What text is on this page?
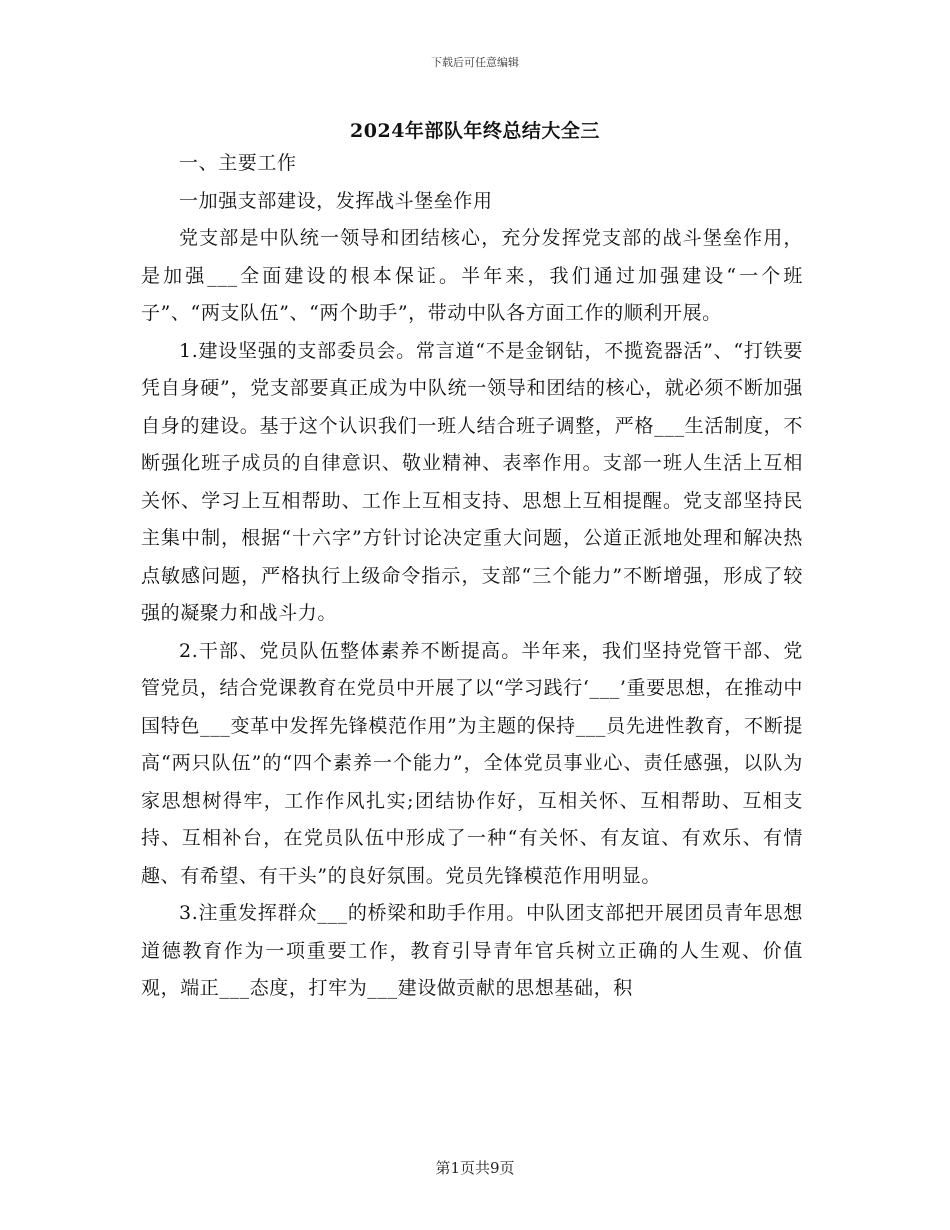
下载后可任意编辑
2024年部队年终总结大全三

一、主要工作

一加强支部建设，发挥战斗堡垒作用

党支部是中队统一领导和团结核心，充分发挥党支部的战斗堡垒作用，是加强___全面建设的根本保证。半年来，我们通过加强建设“一个班子”、“两支队伍”、“两个助手”，带动中队各方面工作的顺利开展。

1.建设坚强的支部委员会。常言道“不是金钢钻，不揽瓷器活”、“打铁要凭自身硬”，党支部要真正成为中队统一领导和团结的核心，就必须不断加强自身的建设。基于这个认识我们一班人结合班子调整，严格___生活制度，不断强化班子成员的自律意识、敬业精神、表率作用。支部一班人生活上互相关怀、学习上互相帮助、工作上互相支持、思想上互相提醒。党支部坚持民主集中制，根据“十六字”方针讨论决定重大问题，公道正派地处理和解决热点敏感问题，严格执行上级命令指示，支部“三个能力”不断增强，形成了较强的凝聚力和战斗力。

2.干部、党员队伍整体素养不断提高。半年来，我们坚持党管干部、党管党员，结合党课教育在党员中开展了以“学习践行‘___’重要思想，在推动中国特色___变革中发挥先锋模范作用”为主题的保持___员先进性教育，不断提高“两只队伍”的“四个素养一个能力”，全体党员事业心、责任感强，以队为家思想树得牢，工作作风扎实;团结协作好，互相关怀、互相帮助、互相支持、互相补台，在党员队伍中形成了一种“有关怀、有友谊、有欢乐、有情趣、有希望、有干头”的良好氛围。党员先锋模范作用明显。

3.注重发挥群众___的桥梁和助手作用。中队团支部把开展团员青年思想道德教育作为一项重要工作，教育引导青年官兵树立正确的人生观、价值观，端正___态度，打牢为___建设做贡献的思想基础，积

第1页共9页
